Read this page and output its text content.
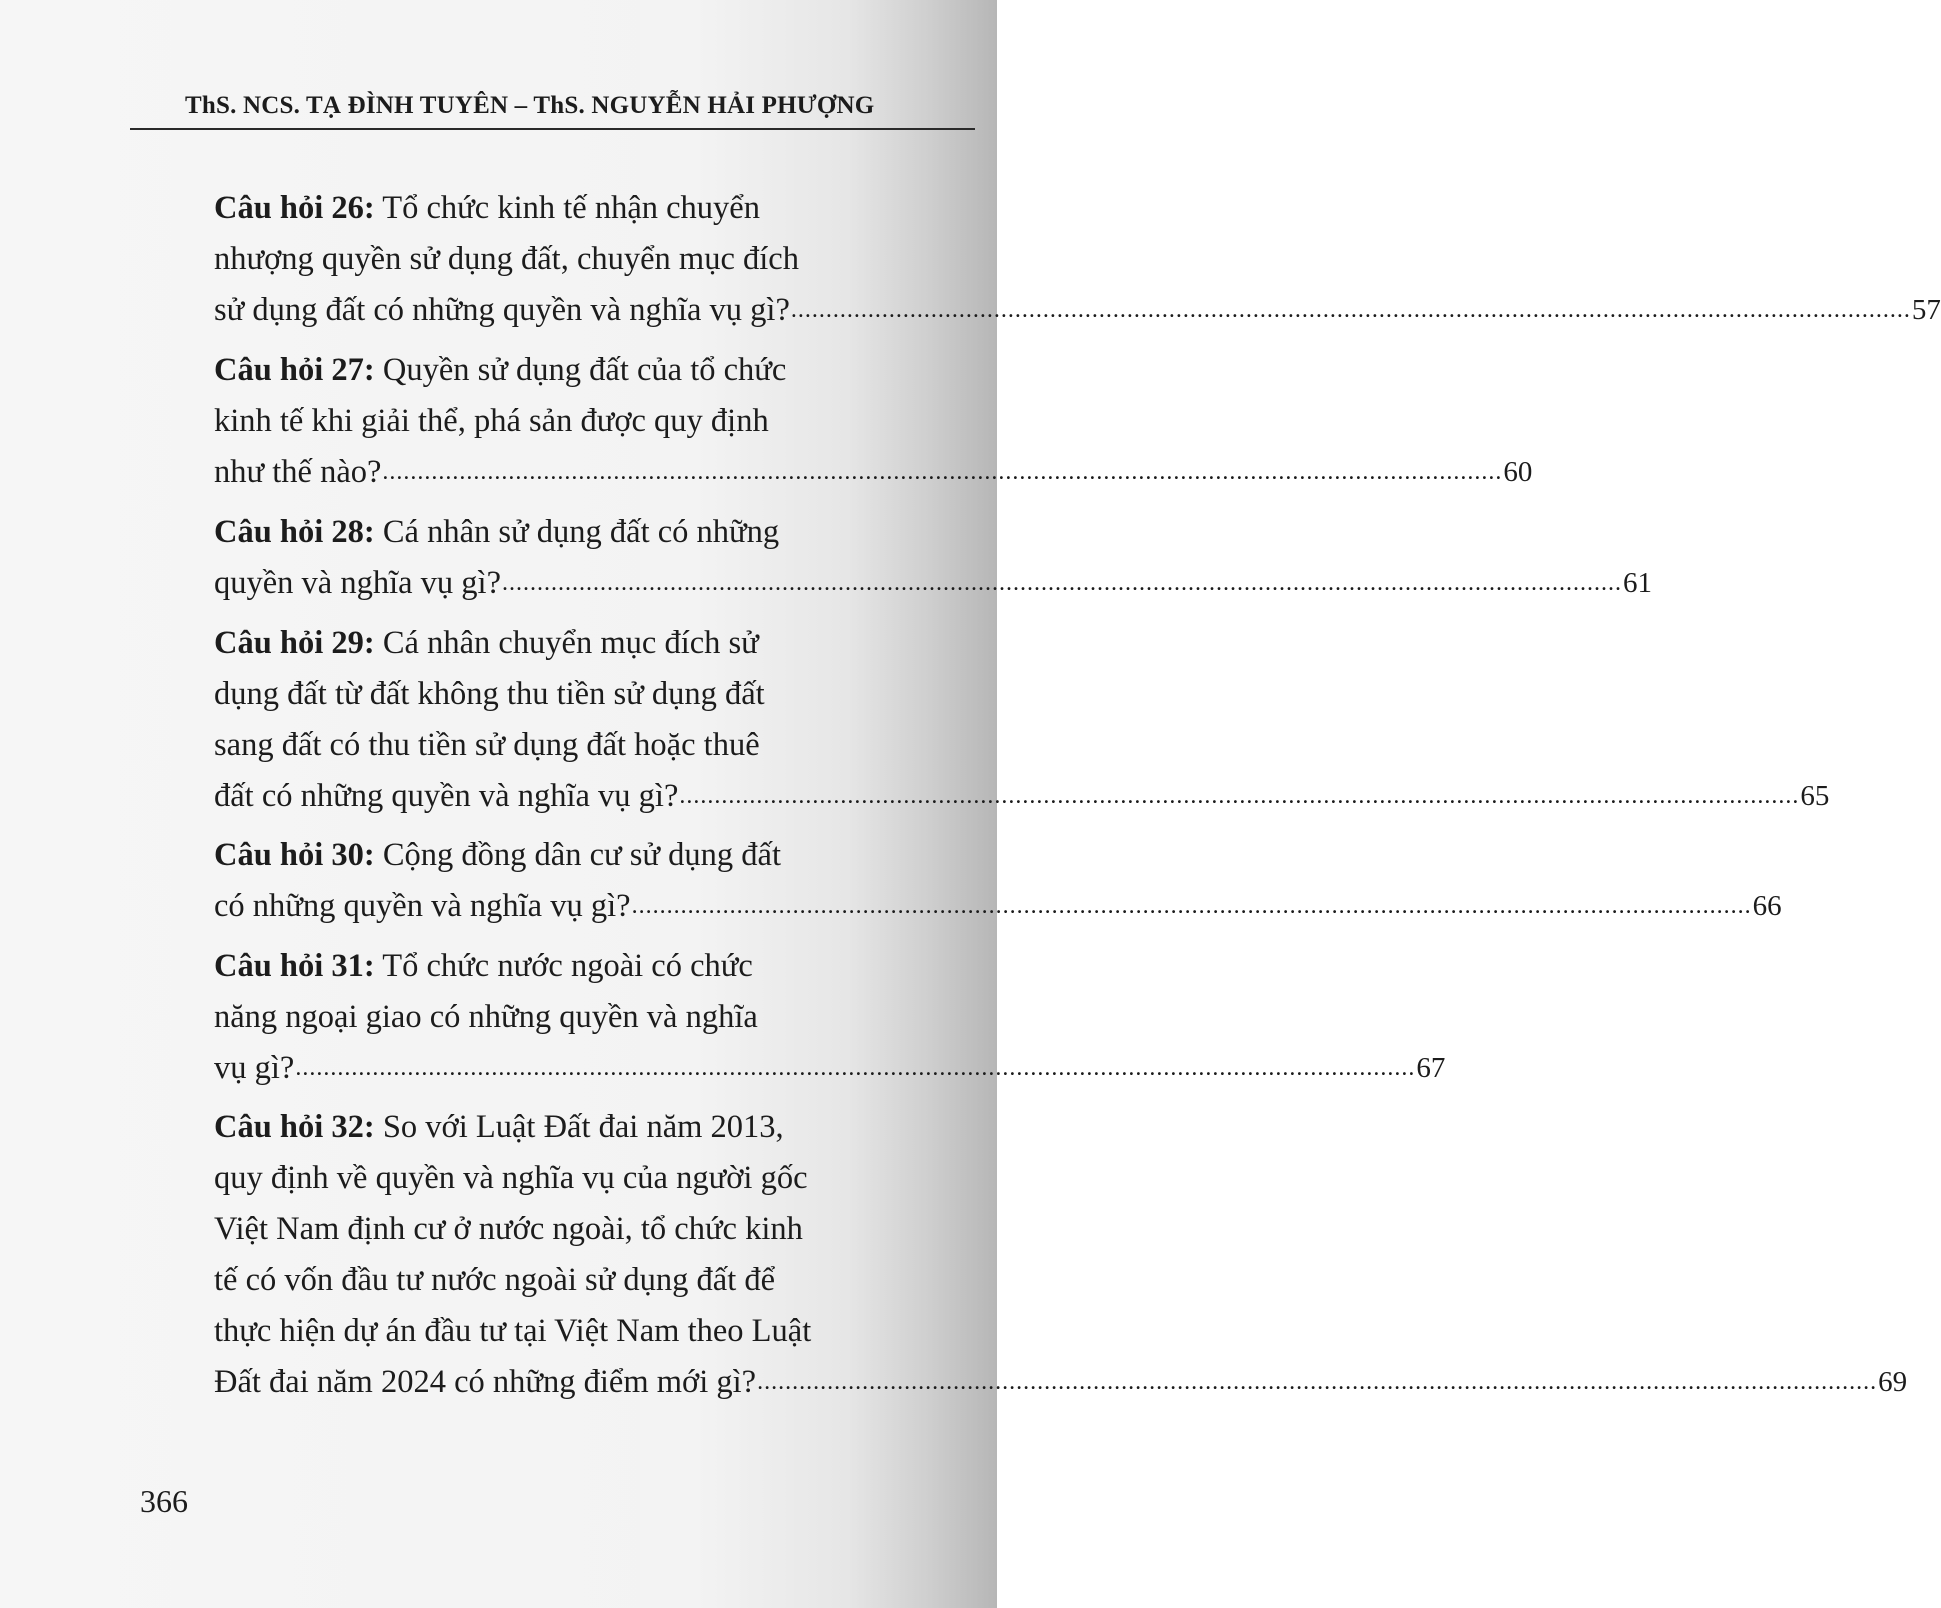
ThS. NCS. TẠ ĐÌNH TUYÊN – ThS. NGUYỄN HẢI PHƯỢNG
Câu hỏi 26: Tổ chức kinh tế nhận chuyển
nhượng quyền sử dụng đất, chuyển mục đích
sử dụng đất có những quyền và nghĩa vụ gì? ................................................................................................................................................................ 57
Câu hỏi 27: Quyền sử dụng đất của tổ chức
kinh tế khi giải thể, phá sản được quy định
như thế nào? ................................................................................................................................................................ 60
Câu hỏi 28: Cá nhân sử dụng đất có những
quyền và nghĩa vụ gì? ................................................................................................................................................................ 61
Câu hỏi 29: Cá nhân chuyển mục đích sử
dụng đất từ đất không thu tiền sử dụng đất
sang đất có thu tiền sử dụng đất hoặc thuê
đất có những quyền và nghĩa vụ gì? ................................................................................................................................................................ 65
Câu hỏi 30: Cộng đồng dân cư sử dụng đất
có những quyền và nghĩa vụ gì? ................................................................................................................................................................ 66
Câu hỏi 31: Tổ chức nước ngoài có chức
năng ngoại giao có những quyền và nghĩa
vụ gì? ................................................................................................................................................................ 67
Câu hỏi 32: So với Luật Đất đai năm 2013,
quy định về quyền và nghĩa vụ của người gốc
Việt Nam định cư ở nước ngoài, tổ chức kinh
tế có vốn đầu tư nước ngoài sử dụng đất để
thực hiện dự án đầu tư tại Việt Nam theo Luật
Đất đai năm 2024 có những điểm mới gì? ................................................................................................................................................................ 69
366
